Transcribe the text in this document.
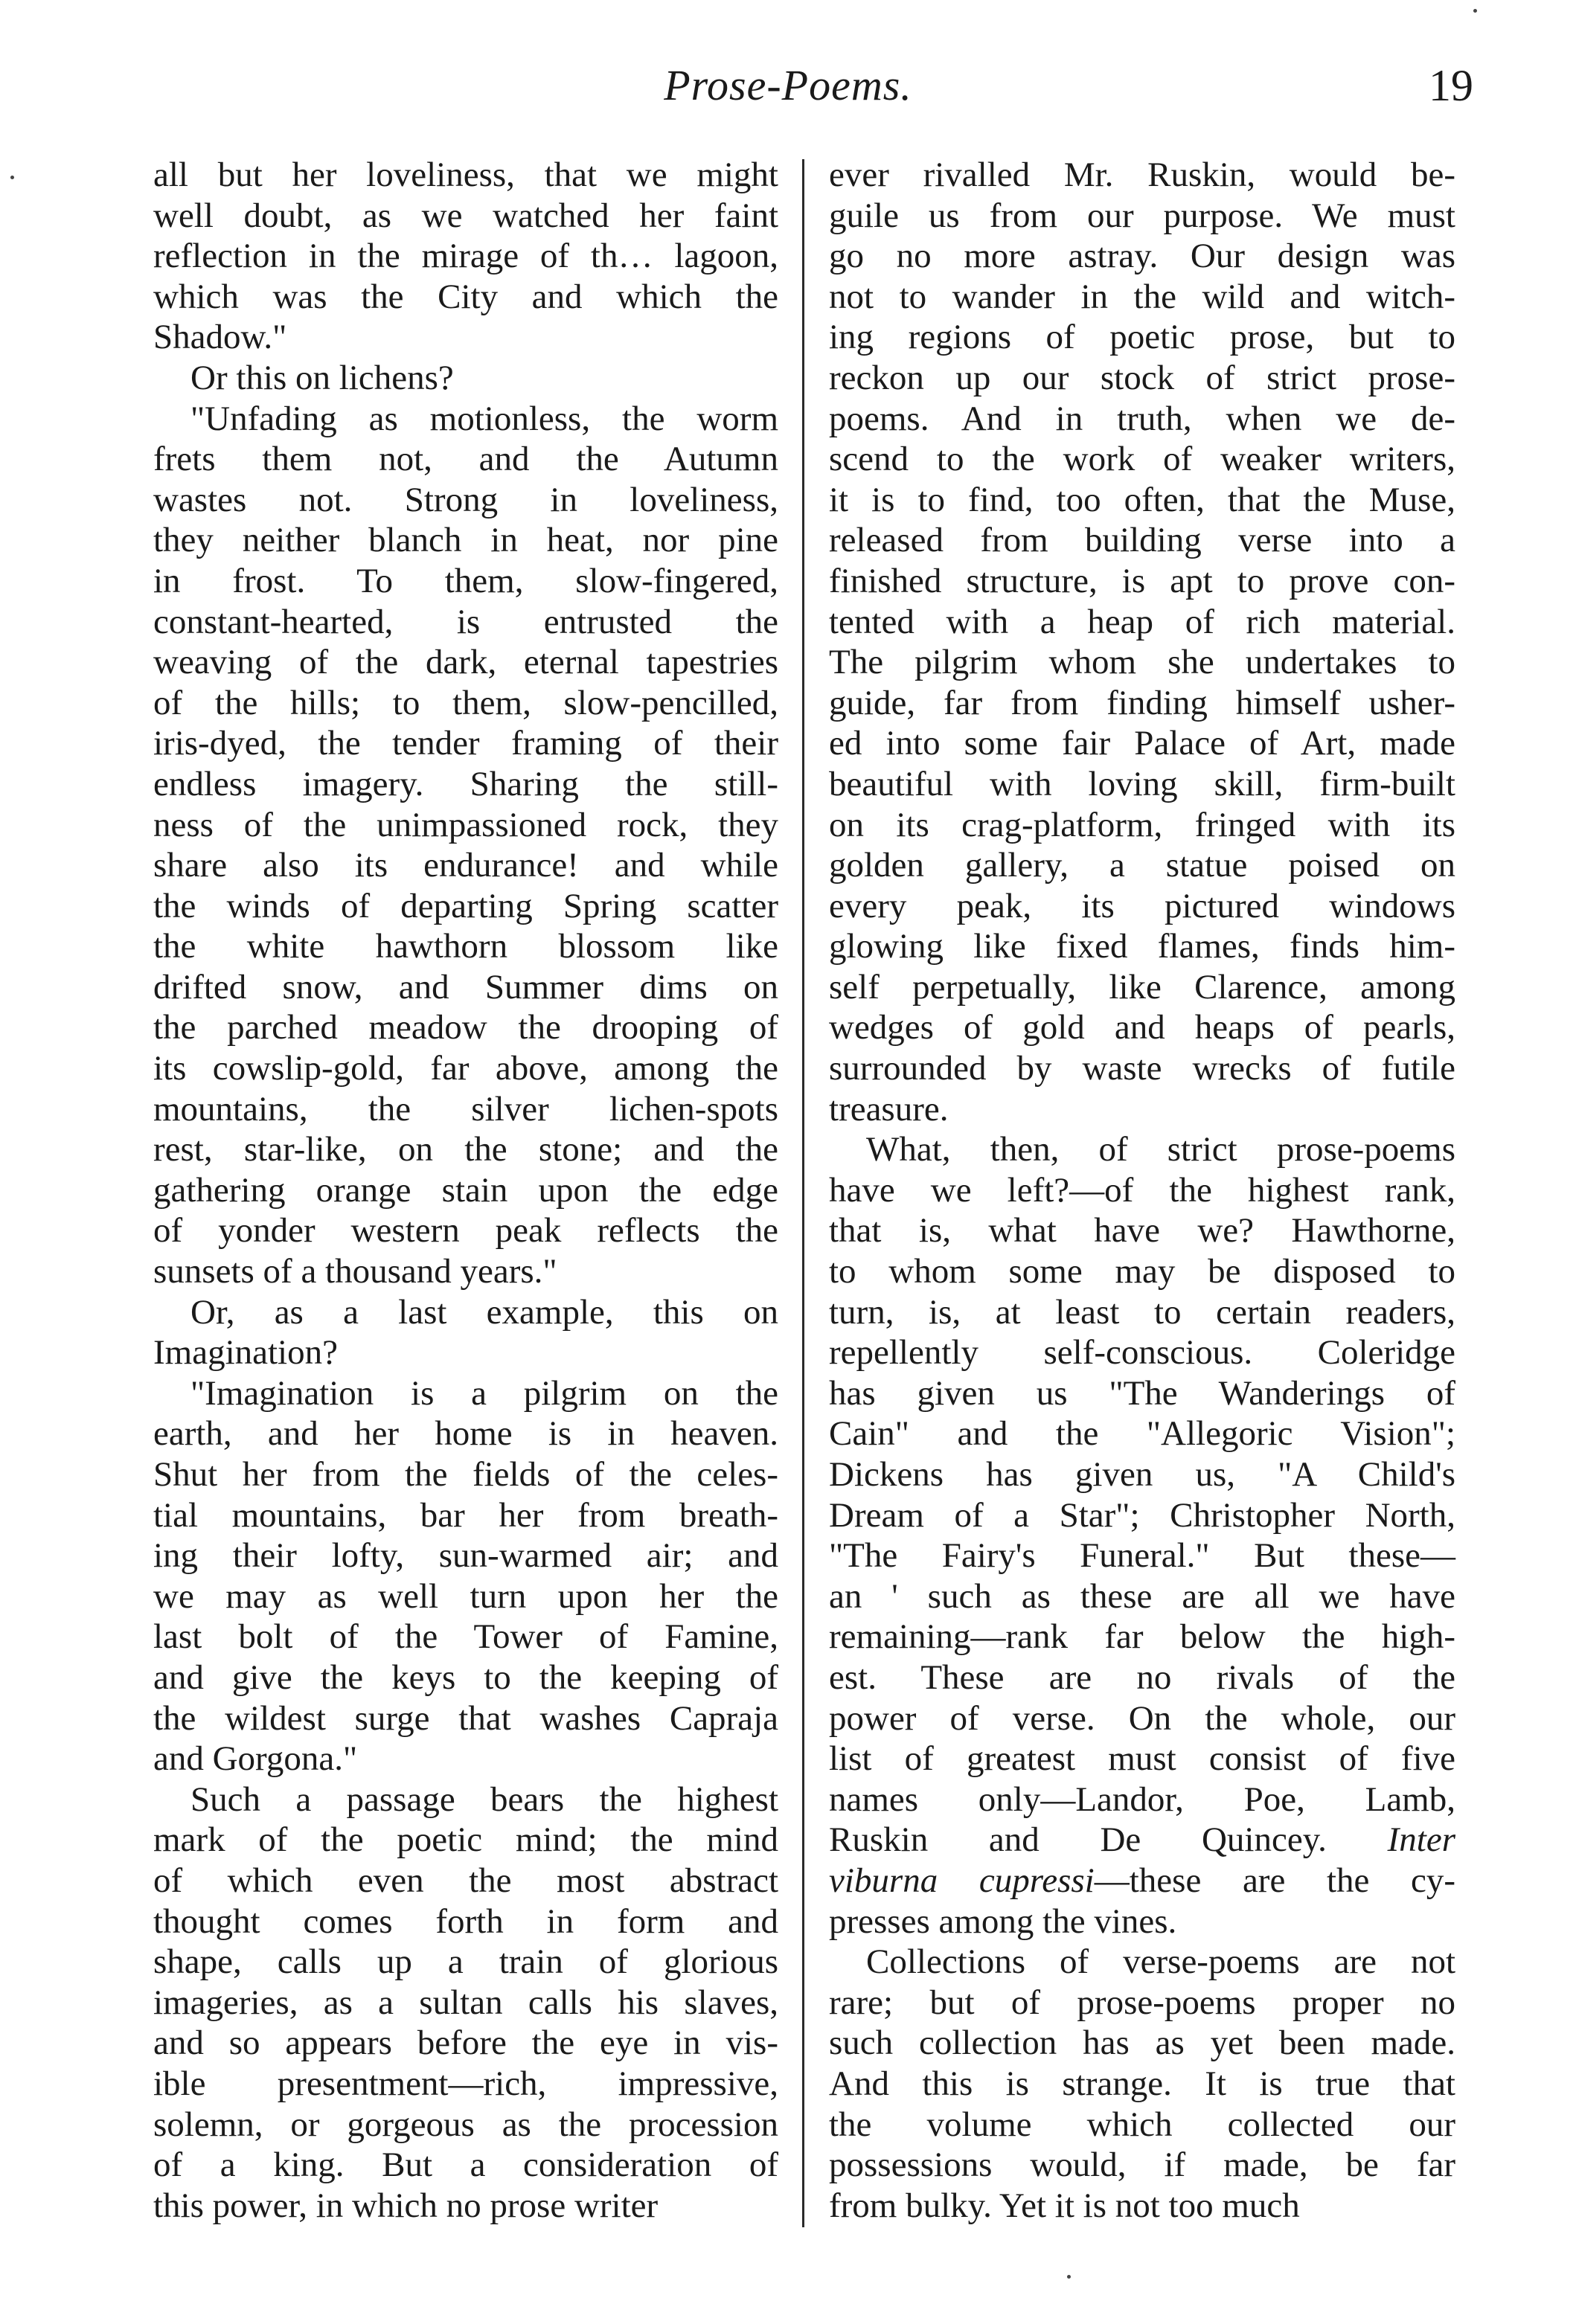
Prose-Poems.	19
all but her loveliness, that we might
well doubt, as we watched her faint
reflection in the mirage of th… lagoon,
which was the City and which the
Shadow."
Or this on lichens?
"Unfading as motionless, the worm
frets them not, and the Autumn
wastes not. Strong in loveliness,
they neither blanch in heat, nor pine
in frost. To them, slow-fingered,
constant-hearted, is entrusted the
weaving of the dark, eternal tapestries
of the hills; to them, slow-pencilled,
iris-dyed, the tender framing of their
endless imagery. Sharing the still-
ness of the unimpassioned rock, they
share also its endurance! and while
the winds of departing Spring scatter
the white hawthorn blossom like
drifted snow, and Summer dims on
the parched meadow the drooping of
its cowslip-gold, far above, among the
mountains, the silver lichen-spots
rest, star-like, on the stone; and the
gathering orange stain upon the edge
of yonder western peak reflects the
sunsets of a thousand years."
Or, as a last example, this on
Imagination?
"Imagination is a pilgrim on the
earth, and her home is in heaven.
Shut her from the fields of the celes-
tial mountains, bar her from breath-
ing their lofty, sun-warmed air; and
we may as well turn upon her the
last bolt of the Tower of Famine,
and give the keys to the keeping of
the wildest surge that washes Capraja
and Gorgona."
Such a passage bears the highest
mark of the poetic mind; the mind
of which even the most abstract
thought comes forth in form and
shape, calls up a train of glorious
imageries, as a sultan calls his slaves,
and so appears before the eye in vis-
ible presentment—rich, impressive,
solemn, or gorgeous as the procession
of a king. But a consideration of
this power, in which no prose writer
ever rivalled Mr. Ruskin, would be-
guile us from our purpose. We must
go no more astray. Our design was
not to wander in the wild and witch-
ing regions of poetic prose, but to
reckon up our stock of strict prose-
poems. And in truth, when we de-
scend to the work of weaker writers,
it is to find, too often, that the Muse,
released from building verse into a
finished structure, is apt to prove con-
tented with a heap of rich material.
The pilgrim whom she undertakes to
guide, far from finding himself usher-
ed into some fair Palace of Art, made
beautiful with loving skill, firm-built
on its crag-platform, fringed with its
golden gallery, a statue poised on
every peak, its pictured windows
glowing like fixed flames, finds him-
self perpetually, like Clarence, among
wedges of gold and heaps of pearls,
surrounded by waste wrecks of futile
treasure.
What, then, of strict prose-poems
have we left?—of the highest rank,
that is, what have we? Hawthorne,
to whom some may be disposed to
turn, is, at least to certain readers,
repellently self-conscious. Coleridge
has given us "The Wanderings of
Cain" and the "Allegoric Vision";
Dickens has given us, "A Child's
Dream of a Star"; Christopher North,
"The Fairy's Funeral." But these—
an ' such as these are all we have
remaining—rank far below the high-
est. These are no rivals of the
power of verse. On the whole, our
list of greatest must consist of five
names only—Landor, Poe, Lamb,
Ruskin and De Quincey. Inter
viburna cupressi—these are the cy-
presses among the vines.
Collections of verse-poems are not
rare; but of prose-poems proper no
such collection has as yet been made.
And this is strange. It is true that
the volume which collected our
possessions would, if made, be far
from bulky. Yet it is not too much
